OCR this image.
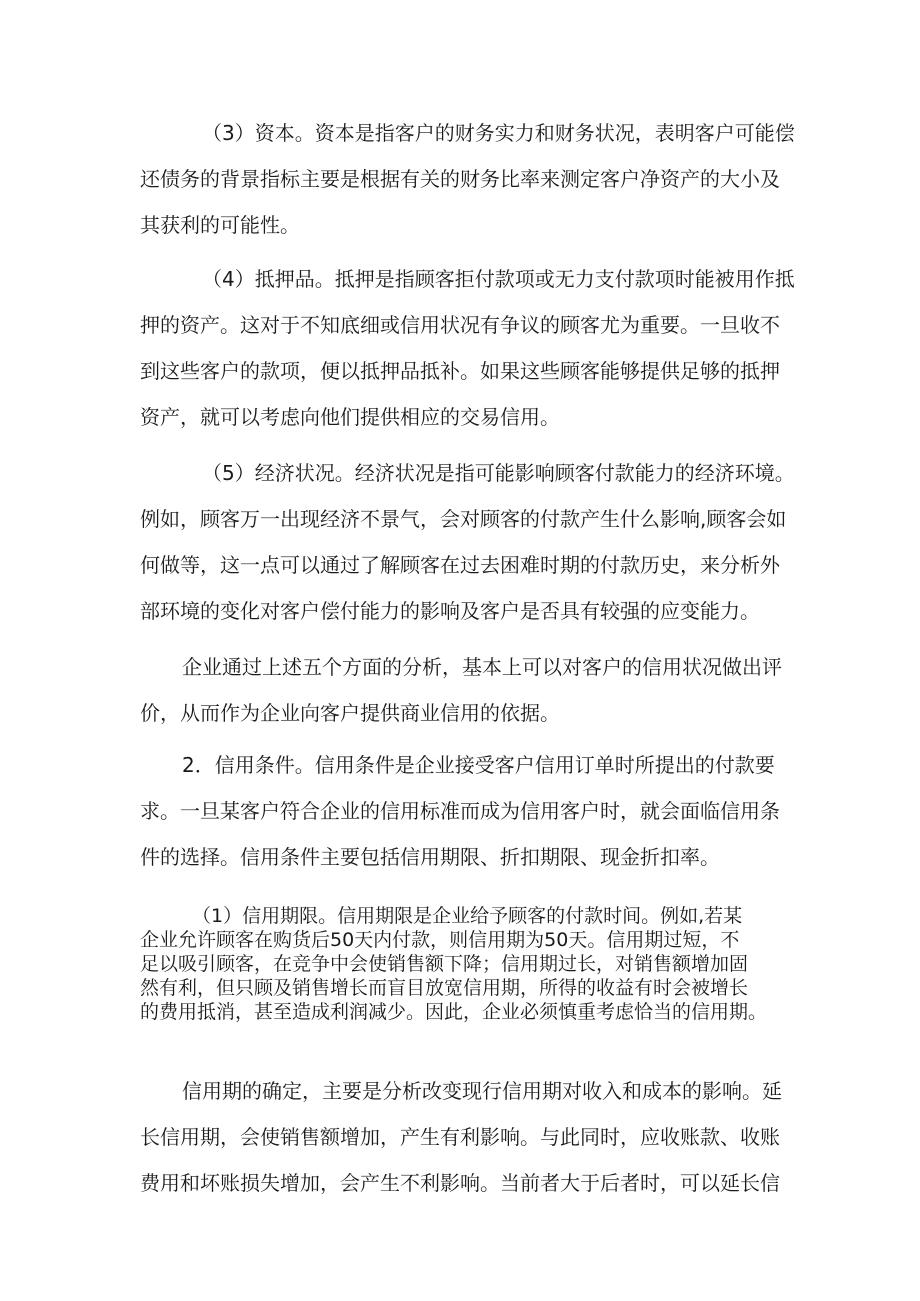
（3）资本。资本是指客户的财务实力和财务状况，表明客户可能偿
还债务的背景指标主要是根据有关的财务比率来测定客户净资产的大小及
其获利的可能性。
（4）抵押品。抵押是指顾客拒付款项或无力支付款项时能被用作抵
押的资产。这对于不知底细或信用状况有争议的顾客尤为重要。一旦收不
到这些客户的款项，便以抵押品抵补。如果这些顾客能够提供足够的抵押
资产，就可以考虑向他们提供相应的交易信用。
（5）经济状况。经济状况是指可能影响顾客付款能力的经济环境。
例如，顾客万一出现经济不景气，会对顾客的付款产生什么影响,顾客会如
何做等，这一点可以通过了解顾客在过去困难时期的付款历史，来分析外
部环境的变化对客户偿付能力的影响及客户是否具有较强的应变能力。
企业通过上述五个方面的分析，基本上可以对客户的信用状况做出评
价，从而作为企业向客户提供商业信用的依据。
2．信用条件。信用条件是企业接受客户信用订单时所提出的付款要
求。一旦某客户符合企业的信用标准而成为信用客户时，就会面临信用条
件的选择。信用条件主要包括信用期限、折扣期限、现金折扣率。
（1）信用期限。信用期限是企业给予顾客的付款时间。例如,若某
企业允许顾客在购货后50天内付款，则信用期为50天。信用期过短，不
足以吸引顾客，在竞争中会使销售额下降；信用期过长，对销售额增加固
然有利，但只顾及销售增长而盲目放宽信用期，所得的收益有时会被增长
的费用抵消，甚至造成利润减少。因此，企业必须慎重考虑恰当的信用期。
信用期的确定，主要是分析改变现行信用期对收入和成本的影响。延
长信用期，会使销售额增加，产生有利影响。与此同时，应收账款、收账
费用和坏账损失增加，会产生不利影响。当前者大于后者时，可以延长信
